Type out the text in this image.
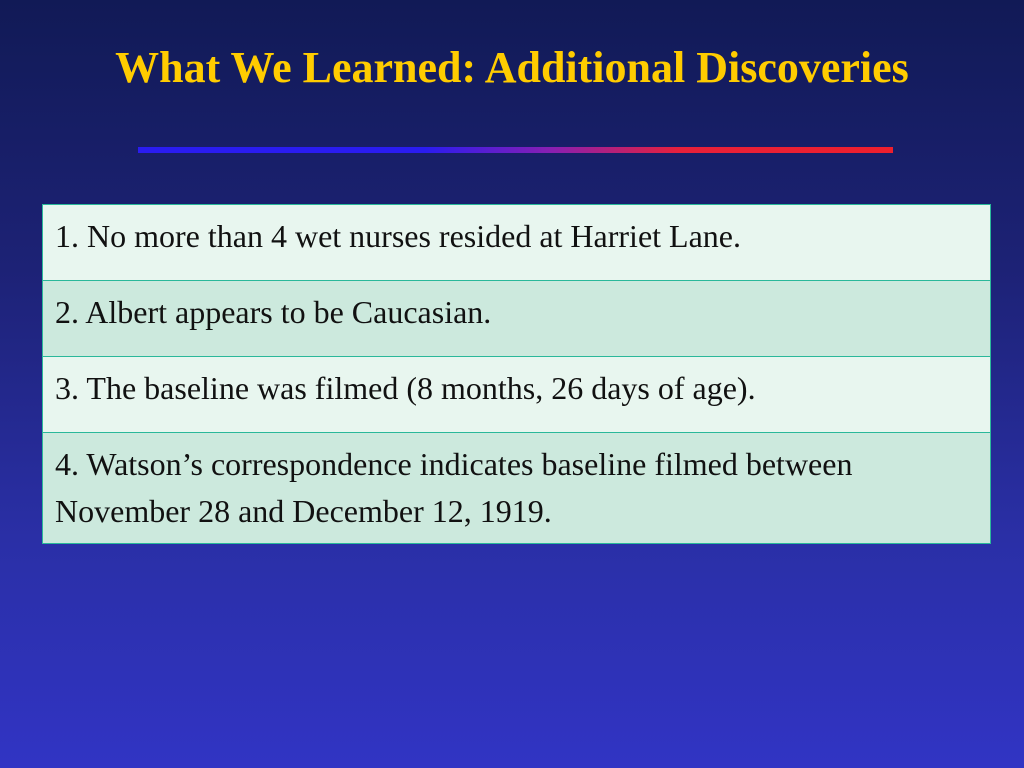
What We Learned: Additional Discoveries
1. No more than 4 wet nurses resided at Harriet Lane.
2. Albert appears to be Caucasian.
3. The baseline was filmed (8 months, 26 days of age).
4. Watson’s correspondence indicates baseline filmed between November 28 and December 12, 1919.
